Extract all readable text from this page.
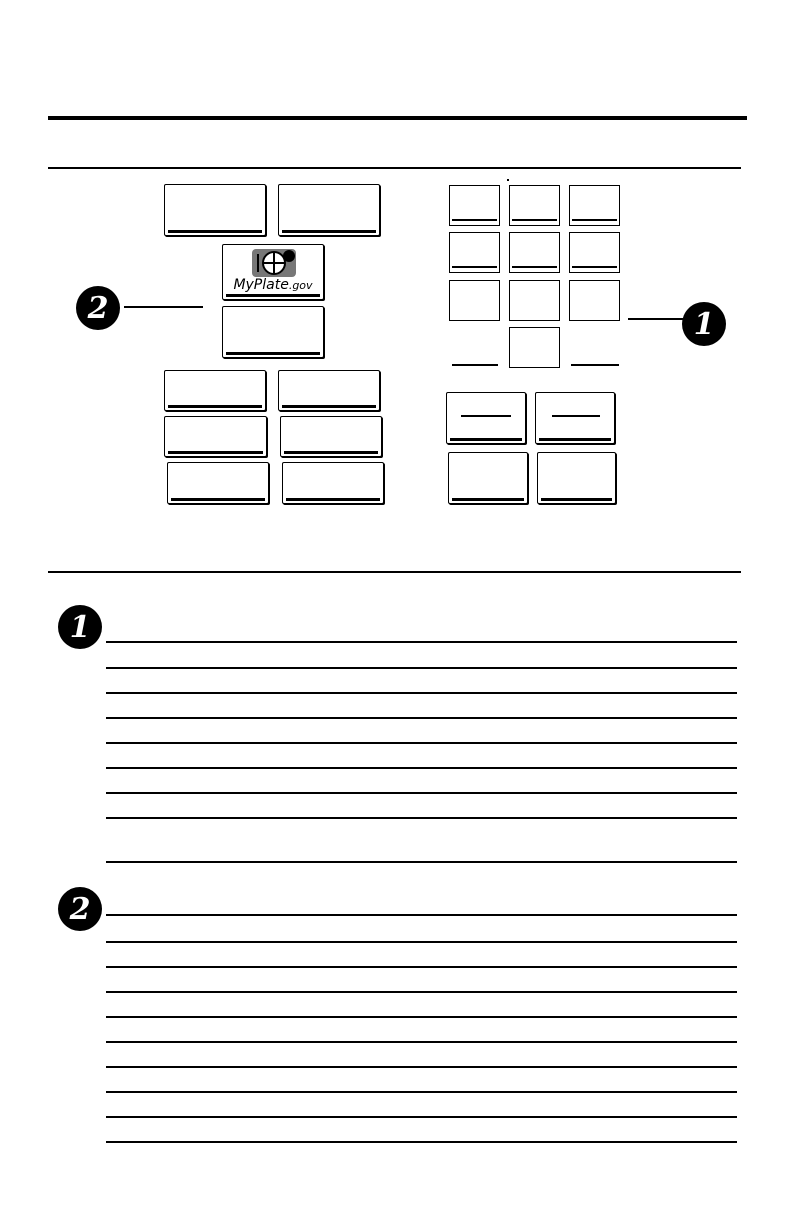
MyPlate.gov
2	1
1
2
